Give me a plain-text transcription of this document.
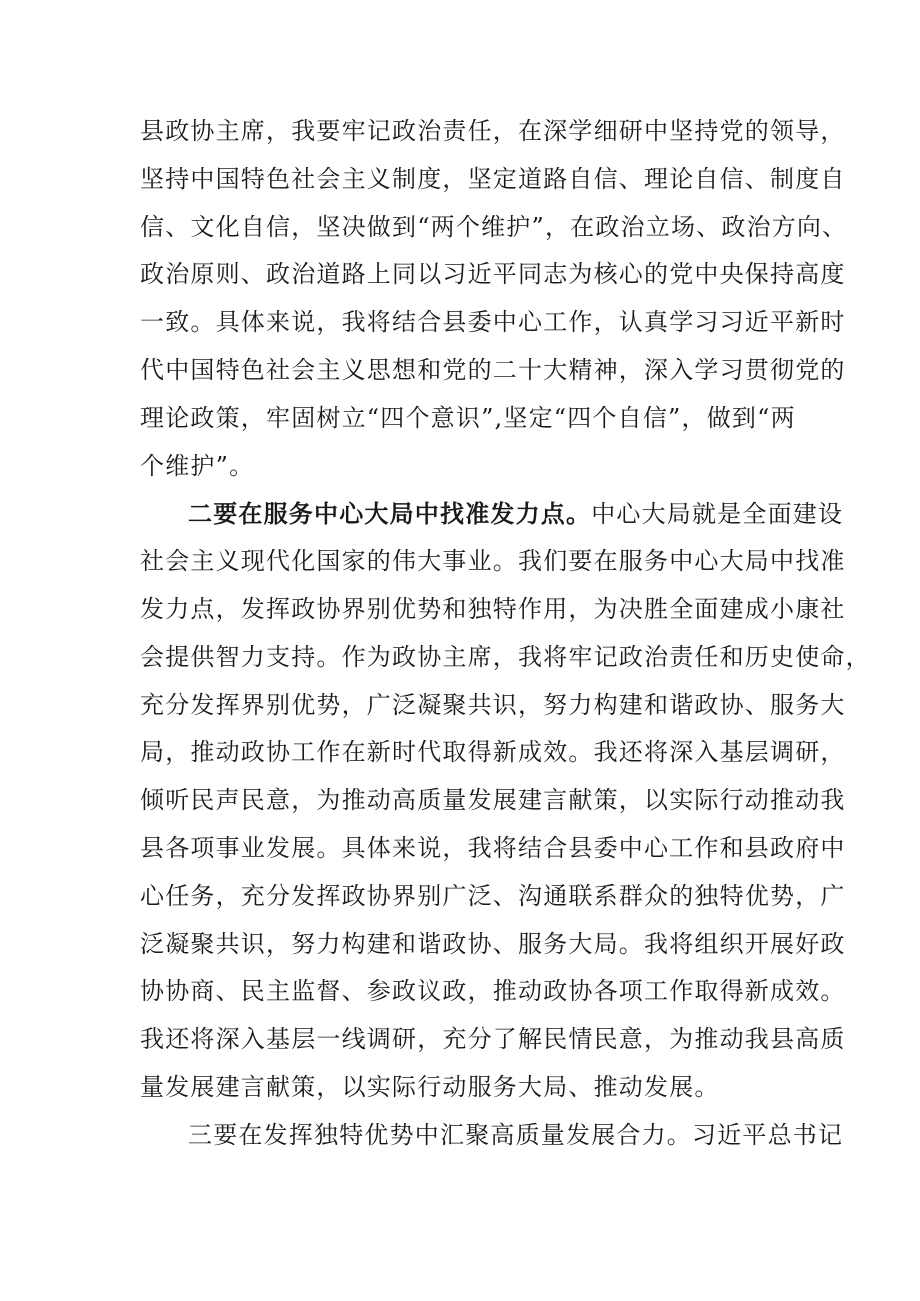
县政协主席，我要牢记政治责任，在深学细研中坚持党的领导，
坚持中国特色社会主义制度，坚定道路自信、理论自信、制度自
信、文化自信，坚决做到“两个维护”，在政治立场、政治方向、
政治原则、政治道路上同以习近平同志为核心的党中央保持高度
一致。具体来说，我将结合县委中心工作，认真学习习近平新时
代中国特色社会主义思想和党的二十大精神，深入学习贯彻党的
理论政策，牢固树立“四个意识”,坚定“四个自信”，做到“两
个维护”。
二要在服务中心大局中找准发力点。中心大局就是全面建设
社会主义现代化国家的伟大事业。我们要在服务中心大局中找准
发力点，发挥政协界别优势和独特作用，为决胜全面建成小康社
会提供智力支持。作为政协主席，我将牢记政治责任和历史使命，
充分发挥界别优势，广泛凝聚共识，努力构建和谐政协、服务大
局，推动政协工作在新时代取得新成效。我还将深入基层调研，
倾听民声民意，为推动高质量发展建言献策，以实际行动推动我
县各项事业发展。具体来说，我将结合县委中心工作和县政府中
心任务，充分发挥政协界别广泛、沟通联系群众的独特优势，广
泛凝聚共识，努力构建和谐政协、服务大局。我将组织开展好政
协协商、民主监督、参政议政，推动政协各项工作取得新成效。
我还将深入基层一线调研，充分了解民情民意，为推动我县高质
量发展建言献策，以实际行动服务大局、推动发展。
三要在发挥独特优势中汇聚高质量发展合力。习近平总书记
